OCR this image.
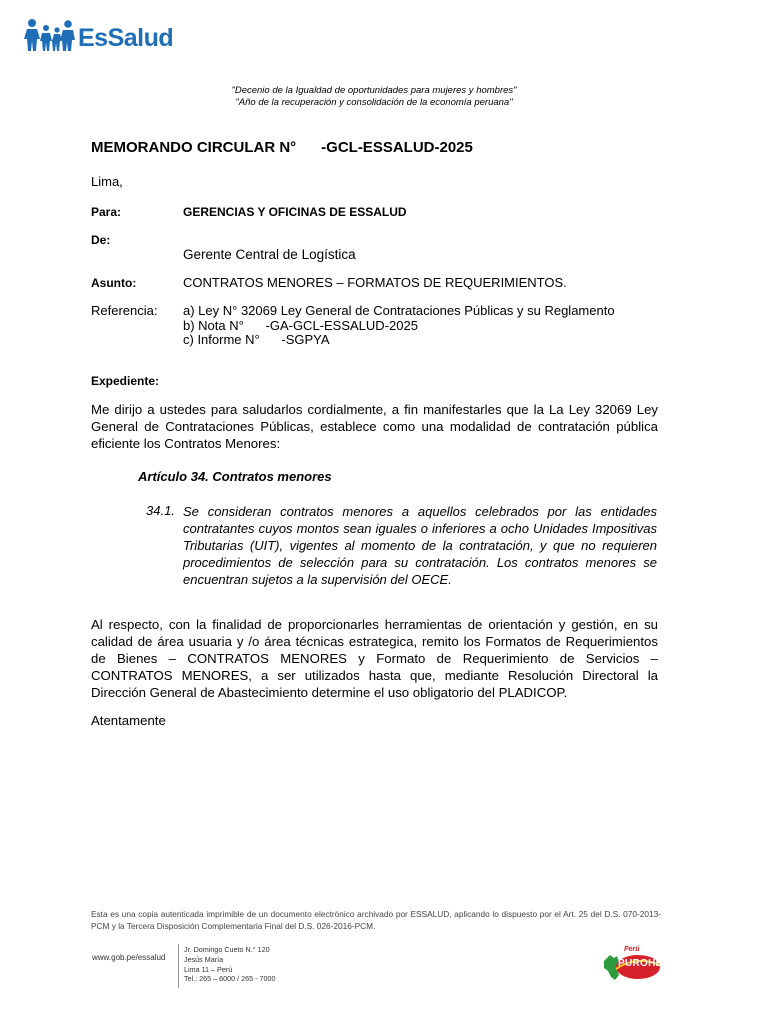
EsSalud
"Decenio de la Igualdad de oportunidades para mujeres y hombres"
"Año de la recuperación y consolidación de la economía peruana"
MEMORANDO CIRCULAR N°      -GCL-ESSALUD-2025
Lima,
Para:	GERENCIAS Y OFICINAS DE ESSALUD
De:
Gerente Central de Logística
Asunto:	CONTRATOS MENORES – FORMATOS DE REQUERIMIENTOS.
Referencia: a) Ley N° 32069 Ley General de Contrataciones Públicas y su Reglamento
b) Nota N°      -GA-GCL-ESSALUD-2025
c) Informe N°      -SGPYA
Expediente:
Me dirijo a ustedes para saludarlos cordialmente, a fin manifestarles que la La Ley 32069 Ley General de Contrataciones Públicas, establece como una modalidad de contratación pública eficiente los Contratos Menores:
Artículo 34. Contratos menores
34.1. Se consideran contratos menores a aquellos celebrados por las entidades contratantes cuyos montos sean iguales o inferiores a ocho Unidades Impositivas Tributarias (UIT), vigentes al momento de la contratación, y que no requieren procedimientos de selección para su contratación. Los contratos menores se encuentran sujetos a la supervisión del OECE.
Al respecto, con la finalidad de proporcionarles herramientas de orientación y gestión, en su calidad de área usuaria y /o área técnicas estrategica, remito los Formatos de Requerimientos de Bienes – CONTRATOS MENORES y Formato de Requerimiento de Servicios – CONTRATOS MENORES, a ser utilizados hasta que, mediante Resolución Directoral la Dirección General de Abastecimiento determine el uso obligatorio del PLADICOP.
Atentamente
Esta es una copia autenticada imprimible de un documento electrónico archivado por ESSALUD, aplicando lo dispuesto por el Art. 25 del D.S. 070-2013- PCM y la Tercera Disposición Complementaria Final del D.S. 026-2016-PCM.
www.gob.pe/essalud
Jr. Domingo Cueto N.° 120
Jesús María
Lima 11 – Perú
Tel.: 265 – 6000 / 265 - 7000
Perú
PUROHE
PERÚ
